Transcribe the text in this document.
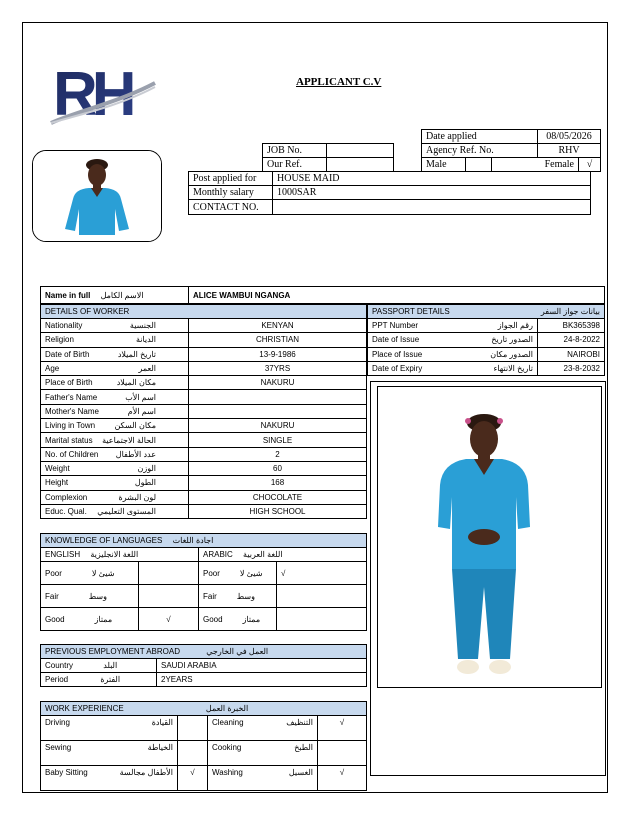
RH	APPLICANT C.V
JOB No.	
Our Ref.	
Date applied			08/05/2026	
Agency Ref. No.			RHV	
Male			Female	√
Post applied for	HOUSE MAID
Monthly salary	1000SAR
CONTACT NO.	
Name in full الاسم الكامل	ALICE WAMBUI NGANGA
DETAILS OF WORKER	
Nationality الجنسية	KENYAN
Religion الديانة	CHRISTIAN
Date of Birth تاريخ الميلاد	13-9-1986
Age العمر	37YRS
Place of Birth مكان الميلاد	NAKURU
Father's Name اسم الأب	

Mother's Name اسم الأم	

Living in Town مكان السكن	NAKURU
Marital status الحالة الاجتماعية	SINGLE
No. of Children عدد الأطفال	2
Weight الوزن	60
Height الطول	168
Complexion لون البشرة	CHOCOLATE
Educ. Qual. المستوى التعليمي	HIGH SCHOOL
PASSPORT DETAILS بيانات جواز السفر	

PPT Number رقم الجواز	BK365398
Date of Issue الصدور تاريخ	24-8-2022
Place of Issue الصدور مكان	NAIROBI
Date of Expiry تاريخ الانتهاء	23-8-2032
KNOWLEDGE OF LANGUAGES اجادة اللغات			
ENGLISH اللغة الانجليزية		ARABIC اللغة العربية	
Poor شيئ لا		Poor شيئ لا	√
Fair وسط		Fair وسط	
Good ممتاز	√	Good ممتاز	
PREVIOUS EMPLOYMENT ABROAD العمل في الخارجي	
Country البلد	SAUDI ARABIA
Period الفترة	2YEARS
WORK EXPERIENCE الخبرة العمل			
Driving القيادة		Cleaning التنظيف	√
Sewing الخياطة		Cooking الطبخ	

Baby Sitting الأطفال مجالسة	√	Washing الغسيل	√
